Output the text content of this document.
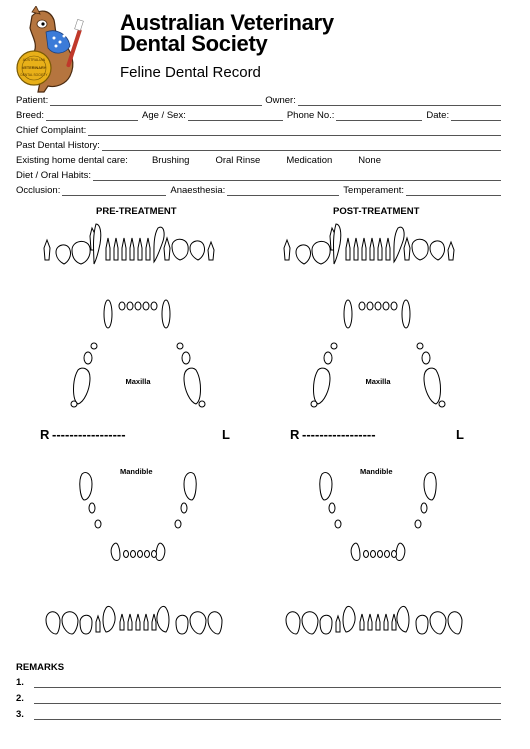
AUSTRALIAN
VETERINARY
DENTAL SOCIETY
Australian Veterinary
Dental Society
Feline Dental Record
Patient:	Owner:
Breed:	Age / Sex:	Phone No.:	Date:
Chief Complaint:
Past Dental History:
Existing home dental care:	Brushing	Oral Rinse	Medication	None
Diet / Oral Habits:
Occlusion:	Anaesthesia:	Temperament:
PRE-TREATMENT	POST-TREATMENT
Maxilla
R -----------------	L
Mandible
Maxilla
R -----------------	L
Mandible
REMARKS
1.
2.
3.
